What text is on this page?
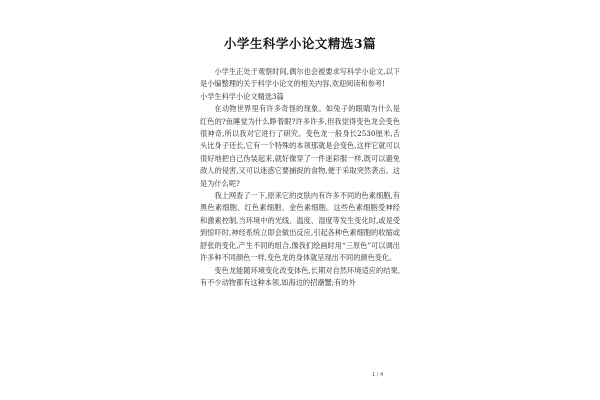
小学生科学小论文精选3篇

小学生正处于观察时间,偶尔也会被要求写科学小论文,以下是小编整理的关于科学小论文的相关内容,欢迎阅读和参考!

小学生科学小论文精选3篇

在动物世界里有许多奇怪的现象。如兔子的眼睛为什么是红色的?鱼睡觉为什么睁着眼?许多许多,但我觉得变色龙会变色很神奇,所以我对它进行了研究。变色龙一般身长2530厘米,舌头比身子还长,它有一个特殊的本领那就是会变色,这样它就可以很好地把自己伪装起来,就好像穿了一件迷彩服一样,既可以避免敌人的侵害,又可以迷惑它要捕捉的食物,便于采取突然袭击。这是为什么呢?

我上网查了一下,原来它的皮肤内有许多不同的色素细胞,有黑色素细胞、红色素细胞、金色素细胞。这些色素细胞受神经和激素控制,当环境中的光线、温度、湿度等发生变化时,或是受到惊吓时,神经系统立即会做出反应,引起各种色素细胞的收缩或舒张的变化,产生不同的组合,像我们绘画时用“三原色”可以调出许多种不同颜色一样,变色龙的身体就呈现出不同的颜色变化。

变色龙能随环境变化改变体色,长期对自然环境适应的结果,有不少动物都有这种本领,如海边的招潮蟹;有的外

1 / 4
